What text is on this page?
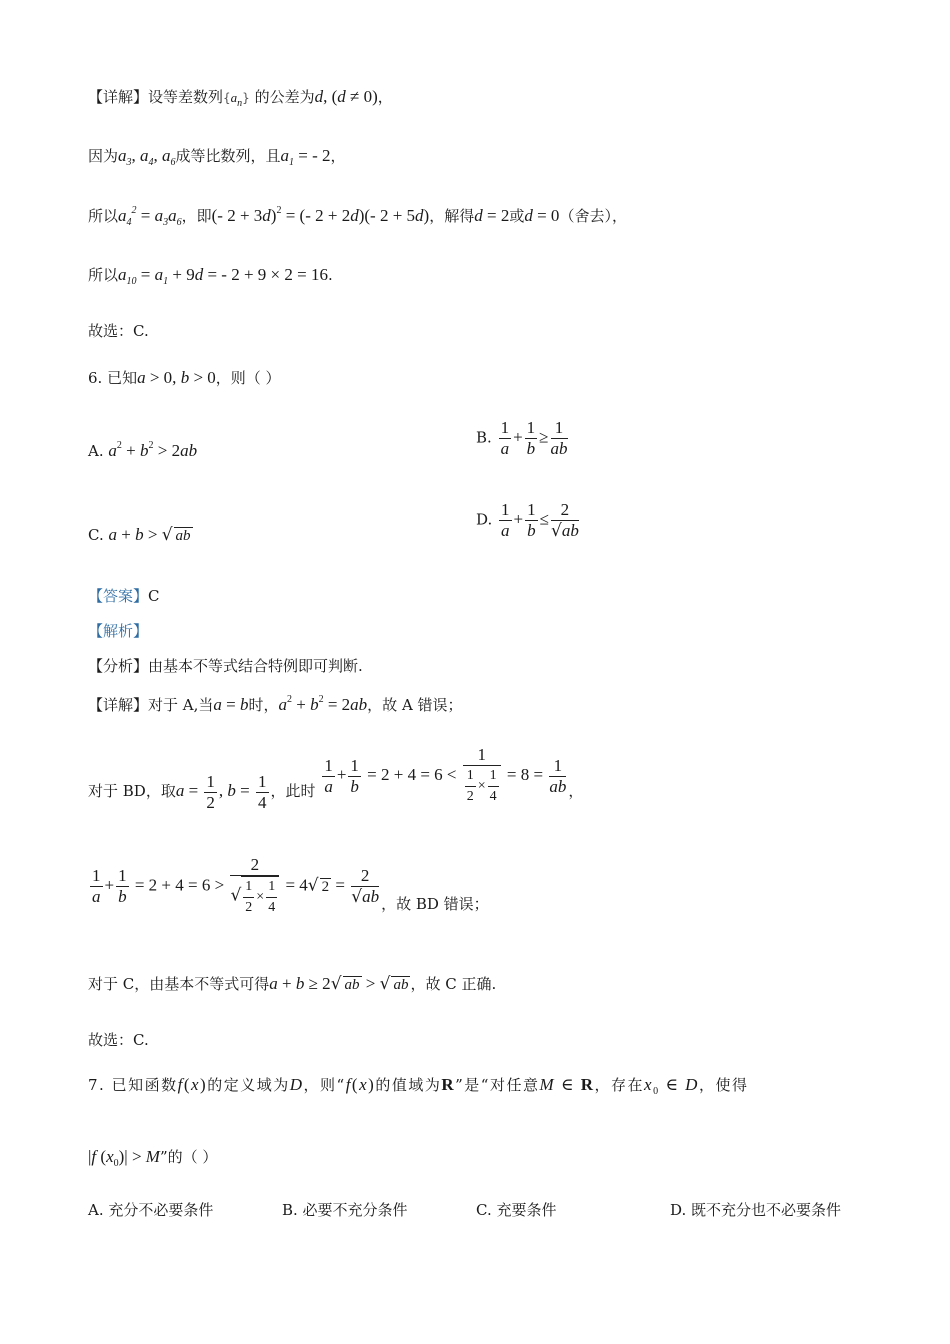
【详解】设等差数列$\{a_n\}$ 的公差为d, (d ≠ 0)，
因为$a_3$, $a_4$, $a_6$成等比数列，且$a_1$ = - 2，
所以$a_4^2 = a_3a_6$，即(- 2 + 3d)$^2$ = (- 2 + 2d)(- 2 + 5d)，解得d = 2或d = 0（舍去），
所以$a_{10} = a_1 + 9d$ = - 2 + 9 × 2 = 16.
故选：C.
6. 已知a > 0, b > 0，则（ ）
A. $a^2 + b^2 > 2ab$
B. $\frac{1}{a} + \frac{1}{b} \ge \frac{1}{ab}$
C. a + b > √ ab
D. $\frac{1}{a} + \frac{1}{b} \le \frac{2}{√ab}$
【答案】C
【解析】
【分析】由基本不等式结合特例即可判断.
【详解】对于 A,当a = b时，$a^2 + b^2 = 2ab$，故 A 错误；
对于 BD，取$a = \frac{1}{2}$ , $b = \frac{1}{4}$ ，此时 $\frac{1}{a} + \frac{1}{b} = 2 + 4 = 6 < \frac{1}{\frac{1}{2} \times \frac{1}{4}} = 8 = \frac{1}{ab}$ ，
$\frac{1}{a} + \frac{1}{b} = 2 + 4 = 6 > \frac{2}{√ \frac{1}{2} \times \frac{1}{4}} = 4√$ $2 = \frac{2}{√ab}$ ，故 BD 错误；
对于 C，由基本不等式可得a + b ≥ 2√ ab > √ ab ，故 C 正确.
故选：C.
7. 已知函数f(x)的定义域为D，则“f(x)的值域为R”是“对任意M ∈ R，存在$x_0$ ∈ D，使得
|f $(x_0)| > M$”的（ ）
A. 充分不必要条件	B. 必要不充分条件	C. 充要条件	D. 既不充分也不必要条件
